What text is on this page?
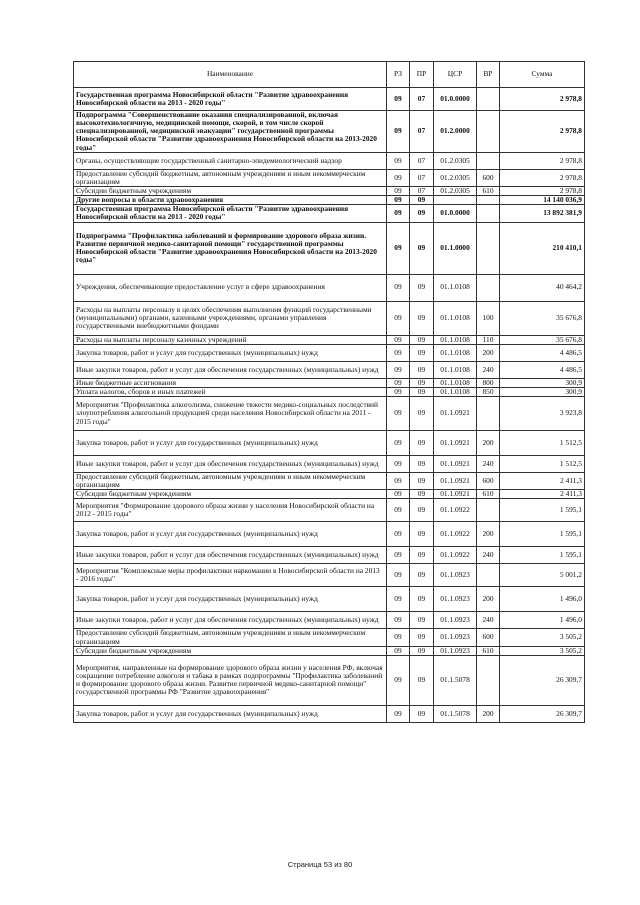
Наименование	РЗ	ПР	ЦСР	ВР	Сумма
Государственная программа Новосибирской области "Развитие здравоохранения Новосибирской области на 2013 - 2020 годы"	09	07	01.0.0000		2 978,8
Подпрограмма "Совершенствование оказания специализированной, включая высокотехнологичную, медицинской помощи, скорой, в том числе скорой специализированной, медицинской эвакуации" государственной программы Новосибирской области "Развитие здравоохранения Новосибирской области на 2013-2020 годы"	09	07	01.2.0000		2 978,8
Органы, осуществляющие государственный санитарно-эпидемиологический надзор	09	07	01.2.0305		2 978,8
Предоставление субсидий бюджетным, автономным учреждениям и иным некоммерческим организациям	09	07	01.2.0305	600	2 978,8
Субсидии бюджетным учреждениям	09	07	01.2.0305	610	2 978,8
Другие вопросы в области здравоохранения	09	09			14 140 036,9
Государственная программа Новосибирской области "Развитие здравоохранения Новосибирской области на 2013 - 2020 годы"	09	09	01.0.0000		13 892 381,9
Подпрограмма "Профилактика заболеваний и формирование здорового образа жизни. Развитие первичной медико-санитарной помощи" государственной программы Новосибирской области "Развитие здравоохранения Новосибирской области на 2013-2020 годы"	09	09	01.1.0000		210 410,1
Учреждения, обеспечивающие предоставление услуг в сфере здравоохранения	09	09	01.1.0108		40 464,2
Расходы на выплаты персоналу в целях обеспечения выполнения функций государственными (муниципальными) органами, казенными учреждениями, органами управления государственными внебюджетными фондами	09	09	01.1.0108	100	35 676,8
Расходы на выплаты персоналу казенных учреждений	09	09	01.1.0108	110	35 676,8
Закупка товаров, работ и услуг для государственных (муниципальных) нужд	09	09	01.1.0108	200	4 486,5
Иные закупки товаров, работ и услуг для обеспечения государственных (муниципальных) нужд	09	09	01.1.0108	240	4 486,5
Иные бюджетные ассигнования	09	09	01.1.0108	800	300,9
Уплата налогов, сборов и иных платежей	09	09	01.1.0108	850	300,9
Мероприятия "Профилактика алкоголизма, снижение тяжести медико-социальных последствий злоупотребления алкогольной продукцией среди населения Новосибирской области на 2011 - 2015 годы"	09	09	01.1.0921		3 923,8
Закупка товаров, работ и услуг для государственных (муниципальных) нужд	09	09	01.1.0921	200	1 512,5
Иные закупки товаров, работ и услуг для обеспечения государственных (муниципальных) нужд	09	09	01.1.0921	240	1 512,5
Предоставление субсидий бюджетным, автономным учреждениям и иным некоммерческим организациям	09	09	01.1.0921	600	2 411,3
Субсидии бюджетным учреждениям	09	09	01.1.0921	610	2 411,3
Мероприятия "Формирование здорового образа жизни у населения Новосибирской области на 2012 - 2015 годы"	09	09	01.1.0922		1 595,1
Закупка товаров, работ и услуг для государственных (муниципальных) нужд	09	09	01.1.0922	200	1 595,1
Иные закупки товаров, работ и услуг для обеспечения государственных (муниципальных) нужд	09	09	01.1.0922	240	1 595,1
Мероприятия "Комплексные меры профилактики наркомании в Новосибирской области на 2013 - 2016 годы"	09	09	01.1.0923		5 001,2
Закупка товаров, работ и услуг для государственных (муниципальных) нужд	09	09	01.1.0923	200	1 496,0
Иные закупки товаров, работ и услуг для обеспечения государственных (муниципальных) нужд	09	09	01.1.0923	240	1 496,0
Предоставление субсидий бюджетным, автономным учреждениям и иным некоммерческим организациям	09	09	01.1.0923	600	3 505,2
Субсидии бюджетным учреждениям	09	09	01.1.0923	610	3 505,2
Мероприятия, направленные на формирование здорового образа жизни у населения РФ, включая сокращение потребление алкоголя и табака в рамках подпрограммы "Профилактика заболеваний и формирование здорового образа жизни. Развитие первичной медико-санитарной помощи" государственной программы РФ "Развитие здравоохранения"	09	09	01.1.5078		26 309,7
Закупка товаров, работ и услуг для государственных (муниципальных) нужд	09	09	01.1.5078	200	26 309,7
Страница 53 из 80
